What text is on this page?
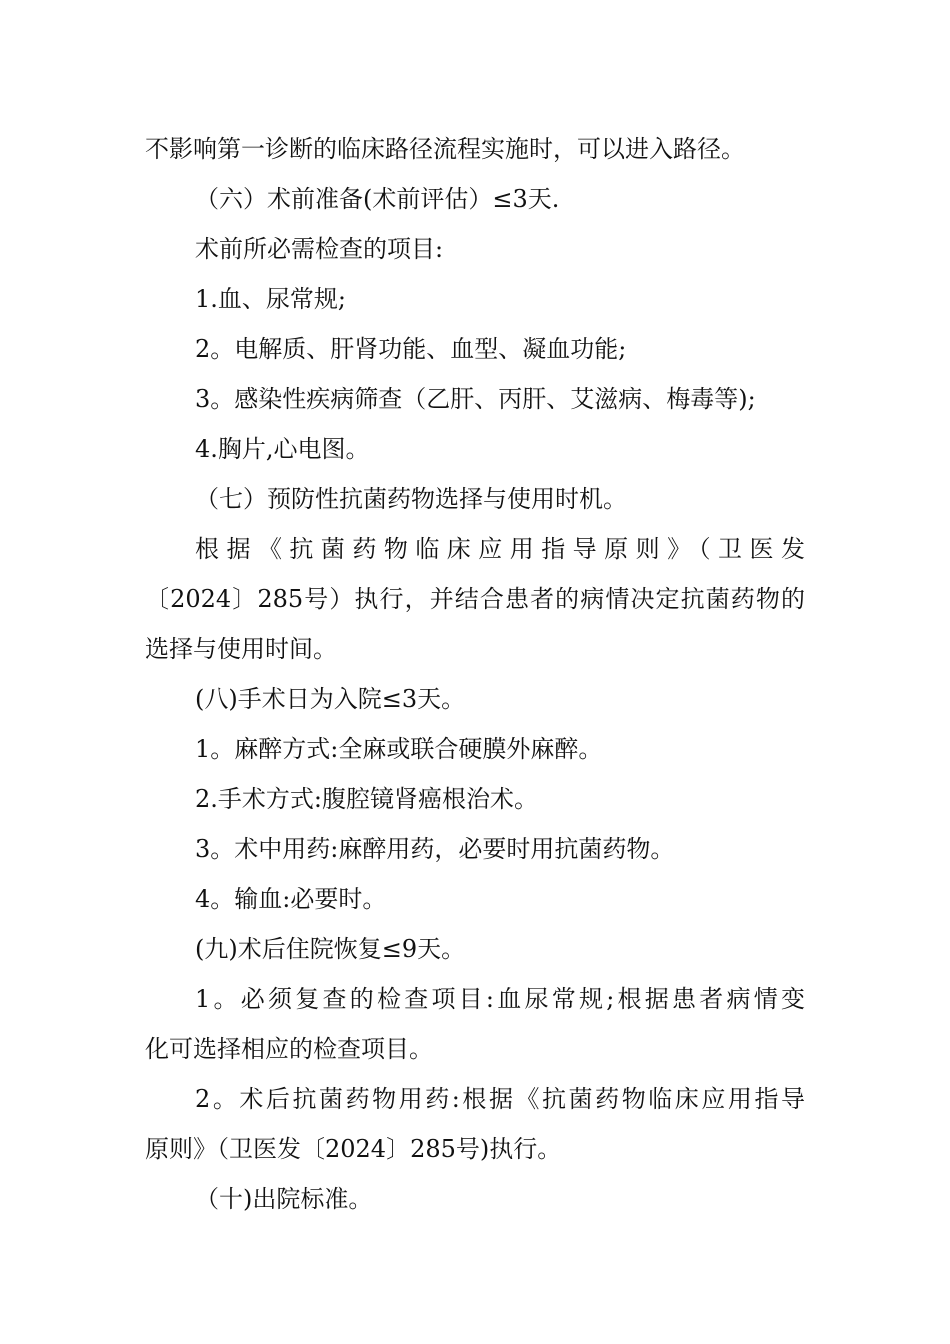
不影响第一诊断的临床路径流程实施时，可以进入路径。
（六）术前准备(术前评估）≤3天.
术前所必需检查的项目:
1.血、尿常规;
2。电解质、肝肾功能、血型、凝血功能;
3。感染性疾病筛查（乙肝、丙肝、艾滋病、梅毒等);
4.胸片,心电图。
（七）预防性抗菌药物选择与使用时机。
根据《抗菌药物临床应用指导原则》（卫医发
〔2024〕285号）执行，并结合患者的病情决定抗菌药物的
选择与使用时间。
(八)手术日为入院≤3天。
1。麻醉方式:全麻或联合硬膜外麻醉。
2.手术方式:腹腔镜肾癌根治术。
3。术中用药:麻醉用药，必要时用抗菌药物。
4。输血:必要时。
(九)术后住院恢复≤9天。
1。必须复查的检查项目:血尿常规;根据患者病情变
化可选择相应的检查项目。
2。术后抗菌药物用药:根据《抗菌药物临床应用指导
原则》（卫医发〔2024〕285号)执行。
（十)出院标准。
